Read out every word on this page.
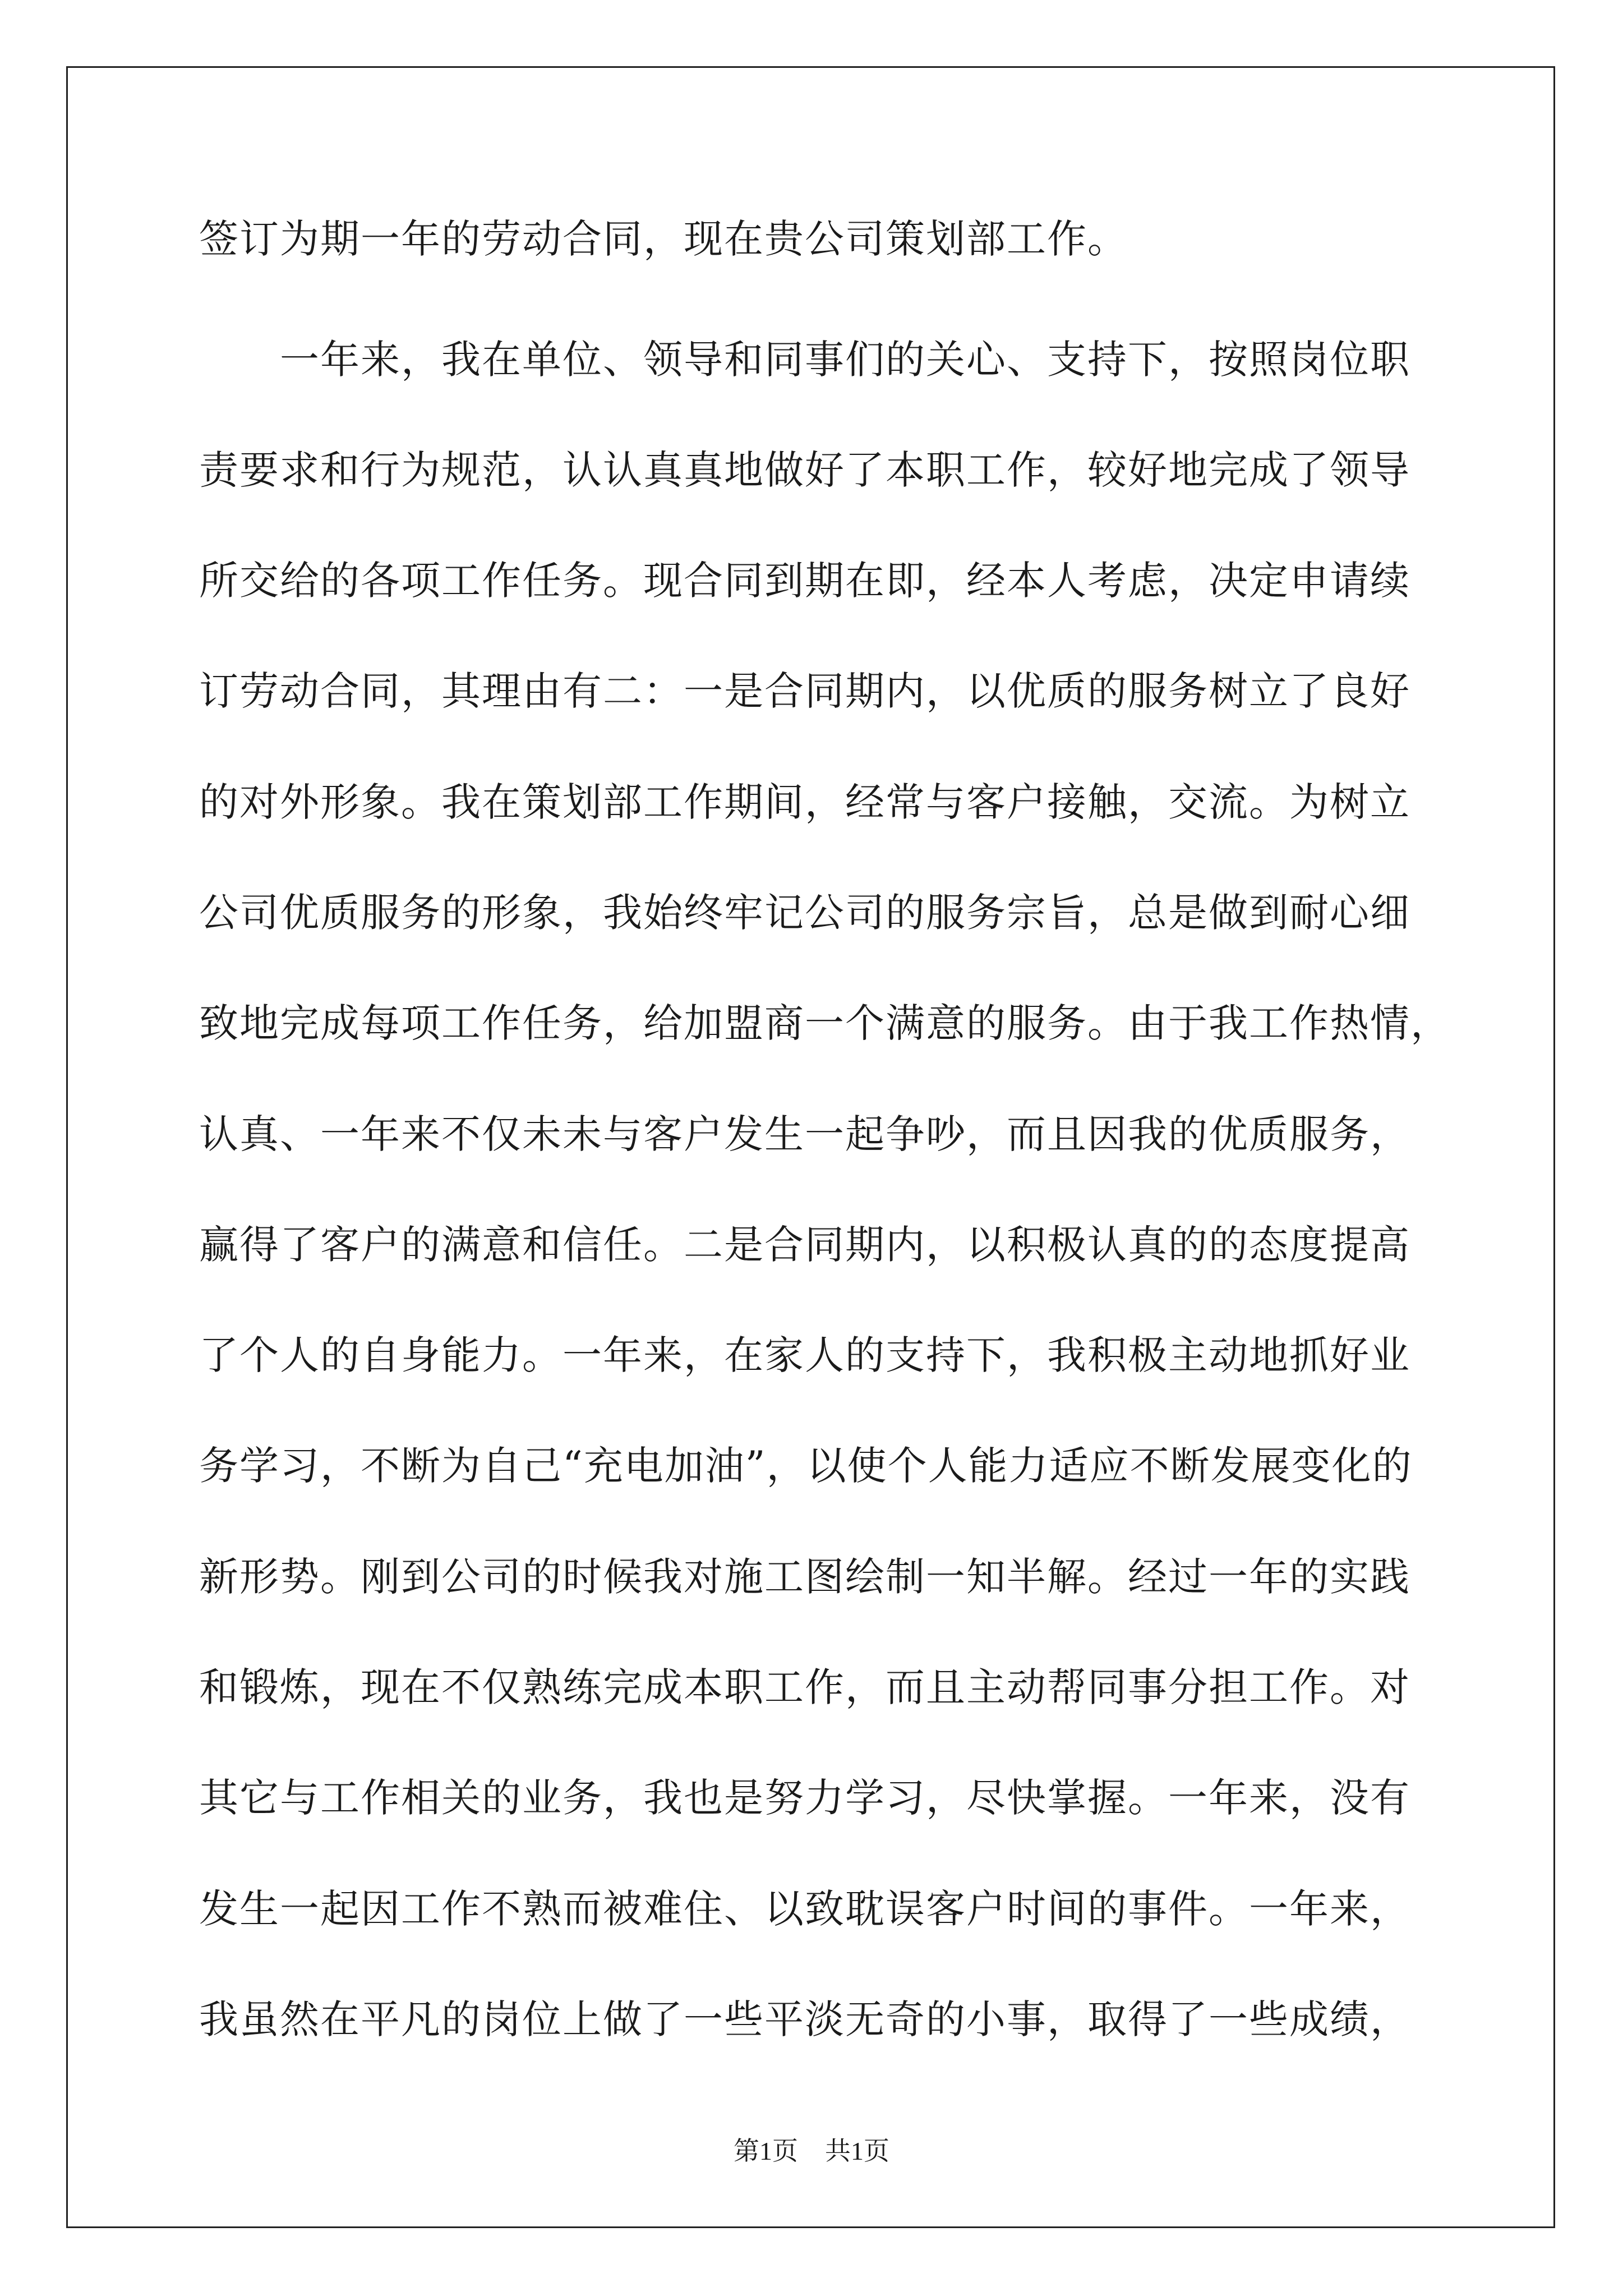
签订为期一年的劳动合同，现在贵公司策划部工作。
　　一年来，我在单位、领导和同事们的关心、支持下，按照岗位职
责要求和行为规范，认认真真地做好了本职工作，较好地完成了领导
所交给的各项工作任务。现合同到期在即，经本人考虑，决定申请续
订劳动合同，其理由有二：一是合同期内，以优质的服务树立了良好
的对外形象。我在策划部工作期间，经常与客户接触，交流。为树立
公司优质服务的形象，我始终牢记公司的服务宗旨，总是做到耐心细
致地完成每项工作任务，给加盟商一个满意的服务。由于我工作热情，
认真、一年来不仅未未与客户发生一起争吵，而且因我的优质服务，
赢得了客户的满意和信任。二是合同期内，以积极认真的的态度提高
了个人的自身能力。一年来，在家人的支持下，我积极主动地抓好业
务学习，不断为自己“充电加油”，以使个人能力适应不断发展变化的
新形势。刚到公司的时候我对施工图绘制一知半解。经过一年的实践
和锻炼，现在不仅熟练完成本职工作，而且主动帮同事分担工作。对
其它与工作相关的业务，我也是努力学习，尽快掌握。一年来，没有
发生一起因工作不熟而被难住、以致耽误客户时间的事件。一年来，
我虽然在平凡的岗位上做了一些平淡无奇的小事，取得了一些成绩，
第1页 共1页
